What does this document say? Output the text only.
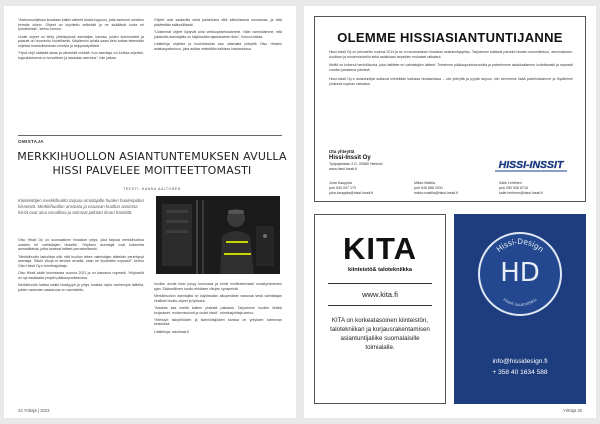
"Asennusohjeissa kuvataan kaikki vaiheet alusta loppuun, jotta asennus onnistuu kerralla oikein. Ohjeet on kirjoitettu selkeästi ja ne sisältävät kuvia eri työvaiheista", kertoo Ismoni.

Uudet ohjeet on tehty yhteistyössä asentajien kanssa, joiden kokemukset ja palaute on huomioitu huolellisesti. Käytännön työstä saatu tieto auttaa tekemään ohjeista mahdollisimman toimivia ja helppokäyttöisiä.

"Hyvä ohje säästää aikaa ja vähentää virheitä. Kun asentaja voi luottaa ohjeisiin, lopputuloksena on turvallinen ja laadukas asennus", hän jatkaa.

Ohjeet ovat saatavilla sekä painettuina että sähköisessä muodossa, ja niitä päivitetään säännöllisesti.

"Uusimmat ohjeet löytyvät aina verkkopalvelustamme. Näin varmistamme, että jokaisella asentajalla on käytössään ajantasainen tieto", Ismoni toteaa.

Lisätietoja ohjeista ja koulutuksista saa ottamalla yhteyttä Otso Hissien asiakaspalveluun, joka auttaa mielellään kaikissa hissiasioissa.

OMISTAJA
MERKKIHUOLLON ASIANTUNTEMUKSEN AVULLA HISSI PALVELEE MOITTEETTOMASTI
TEKSTI: HANNA AALTONEN
Kiinteistöjen merkkihuolto tarjoaa omistajalle huolen huolenpidon hisseistä. Merkkihuollon ansiosta ja osaavan huollon ansiosta hissit ovat aina turvallisia ja toimivat pitkään ilman häiriöitä.

Otso Hissit Oy on suomalainen hissialan yritys, joka tarjoaa merkkihuoltoa useiden eri valmistajien hisseille. Yrityksen asentajat ovat kokeneita ammattilaisia, jotka tuntevat laitteet perusteellisesti.

"Merkkihuolto tarkoittaa sitä, että huollon tekee valmistajan laitteisiin perehtynyt asentaja. Silloin vikoja ei tarvitse arvailla, vaan ne löydetään nopeasti", kertoo Otso Hissit Oy:n toimitusjohtaja.

Otso Hissit aloitti toimintansa vuonna 2021 ja on kasvanut nopeasti. Yrityksellä on nyt asiakkaita ympäri pääkaupunkiseutua.

Merkkihuolto kattaa kaikki hissityypit ja yritys huoltaa myös vanhempia laitteita, joiden varaosien saatavuus on varmistettu.

huollon avulla hissi pysyy kunnossa ja toimii moitteettomasti vuosikymmenien ajan. Säännöllinen huolto ehkäisee vikojen syntymistä.

Merkkihuollon asentajilla on käytössään alkuperäiset varaosat sekä valmistajan viralliset huolto-ohjeet ja työkalut.

"Asiakas saa meiltä kaiken yhdestä paikasta. Tarjoamme huollon lisäksi korjaukset, modernisoinnit ja uudet hissit", toimitusjohtaja kertoo.

Yhteistyö taloyhtiöiden ja isännöitsijöiden kanssa on yrityksen toiminnan keskiössä.

Lisätietoja: otsohissit.fi

24 Yrittäjä | 2023
OLEMME HISSIASIANTUNTIJANNE

Hissi-Inssit Oy on perustettu vuonna 2014 ja se on suomalainen hissialan asiantuntijayritys. Tarjoamme kattavat palvelut hissien suunnitteluun, asennukseen, huoltoon ja modernisointiin sekä asiakkaan tarpeiden mukaiset ratkaisut.

Meillä on kokenut henkilökunta, joka hallitsee eri valmistajien laitteet. Toimimme pääkaupunkiseudulla ja palvelemme asiakkaitamme luotettavasti ja nopeasti vuoden jokaisena päivänä.

Hissi-Inssit Oy:n asiantuntijat auttavat mielellään kaikissa hissiasioissa – ota yhteyttä ja pyydä tarjous, niin kerromme lisää palveluistamme ja löydämme yhdessä sopivan ratkaisun.

Ota yhteyttä
Hissi-Inssit Oy
Työpajankatu 2 D, 00580 Helsinki
www.hissi-inssit.fi	HISSI-INSSIT
Juha Kauppila
puh 040 097 170
juha.kauppila@hissi-inssit.fi
Mikko Mattila
puh 040 866 2031
mikko.mattila@hissi-inssit.fi
Kalle Lehtinen
puh 050 536 8716
kalle.lehtinen@hissi-inssit.fi
KITA
kiinteistö& talotekniikka
www.kita.fi
KITA on korkeatasoinen kiinteistön, talotekniikan ja korjausrakentamisen asiantuntijaliike suomalaisille toimialalle.
Hissi-Design
Hissit suunnittelu
HD
info@hissidesign.fi
+ 358 40 1634 588
Yrittäjä 25
